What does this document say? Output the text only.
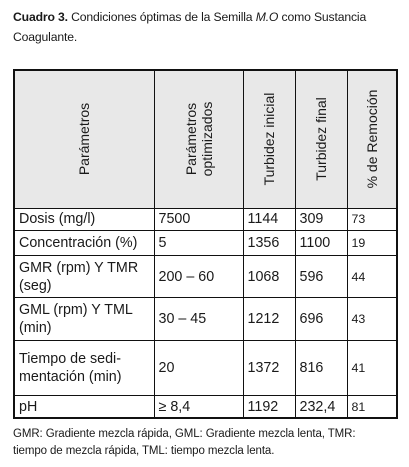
Cuadro 3. Condiciones óptimas de la Semilla M.O como Sustancia Coagulante.
Parámetros	Parámetros optimizados	Turbidez inicial	Turbidez final	% de Remoción

Dosis (mg/l)	7500	1144	309	73
Concentración (%)	5	1356	1100	19
GMR (rpm) Y TMR
(seg)	200 – 60	1068	596	44
GML (rpm) Y TML
(min)	30 – 45	1212	696	43
Tiempo de sedi-
mentación (min)	20	1372	816	41
pH	≥ 8,4	1192	232,4	81
GMR: Gradiente mezcla rápida, GML: Gradiente mezcla lenta, TMR:
tiempo de mezcla rápida, TML: tiempo mezcla lenta.
